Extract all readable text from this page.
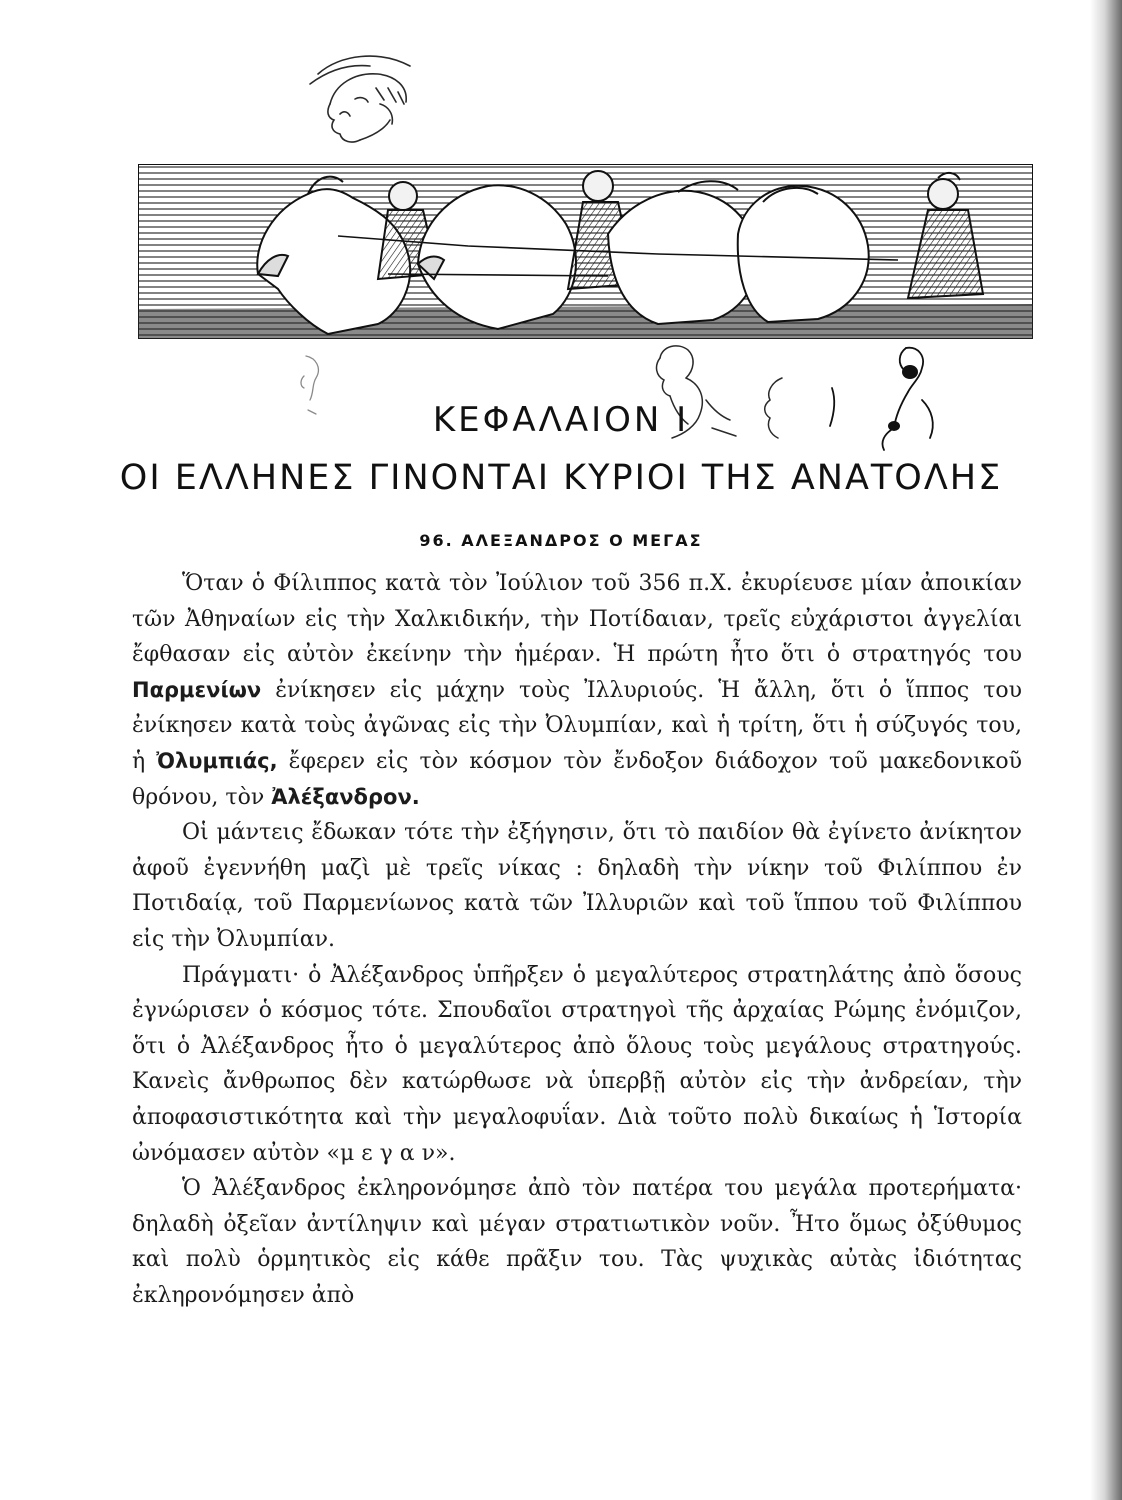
ΚΕΦΑΛΑΙΟΝ Ι
ΟΙ ΕΛΛΗΝΕΣ ΓΙΝΟΝΤΑΙ ΚΥΡΙΟΙ ΤΗΣ ΑΝΑΤΟΛΗΣ
96. ΑΛΕΞΑΝΔΡΟΣ Ο ΜΕΓΑΣ

Ὅταν ὁ Φίλιππος κατὰ τὸν Ἰούλιον τοῦ 356 π.Χ. ἐκυρίευσε μίαν ἀποικίαν τῶν Ἀθηναίων εἰς τὴν Χαλκιδικήν, τὴν Ποτίδαιαν, τρεῖς εὐχάριστοι ἀγγελίαι ἔφθασαν εἰς αὐτὸν ἐκείνην τὴν ἡμέραν. Ἡ πρώτη ἦτο ὅτι ὁ στρατηγός του Παρμενίων ἐνίκησεν εἰς μάχην τοὺς Ἰλλυριούς. Ἡ ἄλλη, ὅτι ὁ ἵππος του ἐνίκησεν κατὰ τοὺς ἀγῶνας εἰς τὴν Ὀλυμπίαν, καὶ ἡ τρίτη, ὅτι ἡ σύζυγός του, ἡ Ὀλυμπιάς, ἔφερεν εἰς τὸν κόσμον τὸν ἔνδοξον διάδοχον τοῦ μακεδονικοῦ θρόνου, τὸν Ἀλέξανδρον.

Οἱ μάντεις ἔδωκαν τότε τὴν ἐξήγησιν, ὅτι τὸ παιδίον θὰ ἐγίνετο ἀνίκητον ἀφοῦ ἐγεννήθη μαζὶ μὲ τρεῖς νίκας : δηλαδὴ τὴν νίκην τοῦ Φιλίππου ἐν Ποτιδαίᾳ, τοῦ Παρμενίωνος κατὰ τῶν Ἰλλυριῶν καὶ τοῦ ἵππου τοῦ Φιλίππου εἰς τὴν Ὀλυμπίαν.

Πράγματι· ὁ Ἀλέξανδρος ὑπῆρξεν ὁ μεγαλύτερος στρατηλάτης ἀπὸ ὅσους ἐγνώρισεν ὁ κόσμος τότε. Σπουδαῖοι στρατηγοὶ τῆς ἀρχαίας Ρώμης ἐνόμιζον, ὅτι ὁ Ἀλέξανδρος ἦτο ὁ μεγαλύτερος ἀπὸ ὅλους τοὺς μεγάλους στρατηγούς. Κανεὶς ἄνθρωπος δὲν κατώρθωσε νὰ ὑπερβῇ αὐτὸν εἰς τὴν ἀνδρείαν, τὴν ἀποφασιστικότητα καὶ τὴν μεγαλοφυΐαν. Διὰ τοῦτο πολὺ δικαίως ἡ Ἱστορία ὠνόμασεν αὐτὸν «μ ε γ α ν».

Ὁ Ἀλέξανδρος ἐκληρονόμησε ἀπὸ τὸν πατέρα του μεγάλα προτερήματα· δηλαδὴ ὀξεῖαν ἀντίληψιν καὶ μέγαν στρατιωτικὸν νοῦν. Ἦτο ὅμως ὀξύθυμος καὶ πολὺ ὁρμητικὸς εἰς κάθε πρᾶξιν του. Τὰς ψυχικὰς αὐτὰς ἰδιότητας ἐκληρονόμησεν ἀπὸ
